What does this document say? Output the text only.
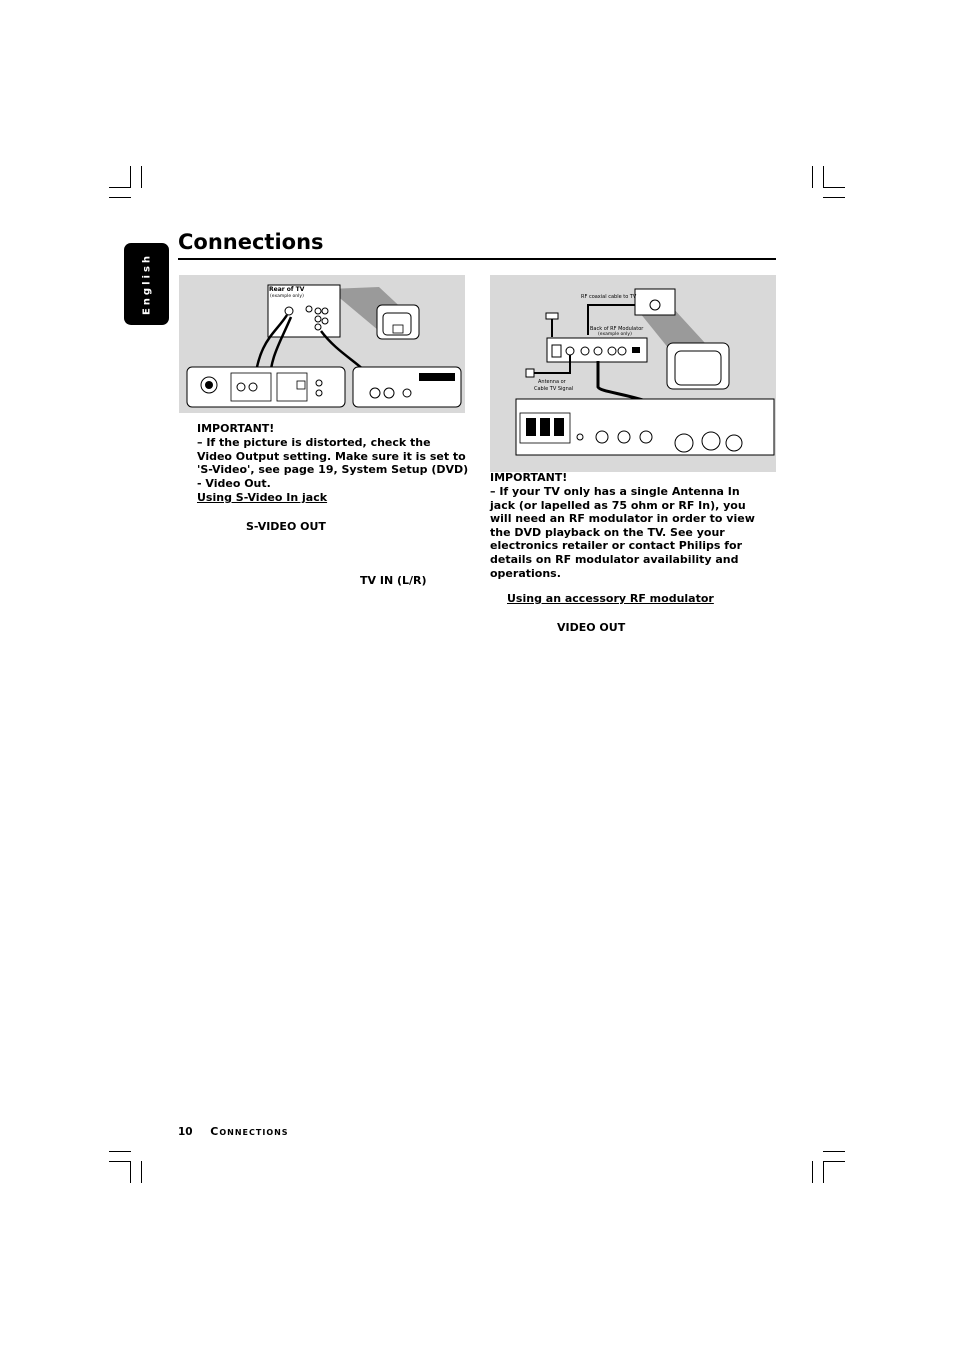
English
Connections
Rear of TV
(example only)	RF coaxial cable to TV
Back of RF Modulator
(example only)
Antenna or
Cable TV Signal
IMPORTANT!
– If the picture is distorted, check the Video Output setting. Make sure it is set to 'S-Video', see page 19, System Setup (DVD) - Video Out.
Using S-Video In jack
S-VIDEO OUT
TV IN (L/R)
IMPORTANT!
– If your TV only has a single Antenna In jack (or lapelled as 75 ohm or RF In), you will need an RF modulator in order to view the DVD playback on the TV. See your electronics retailer or contact Philips for details on RF modulator availability and operations.
Using an accessory RF modulator
VIDEO OUT
10 Connections
